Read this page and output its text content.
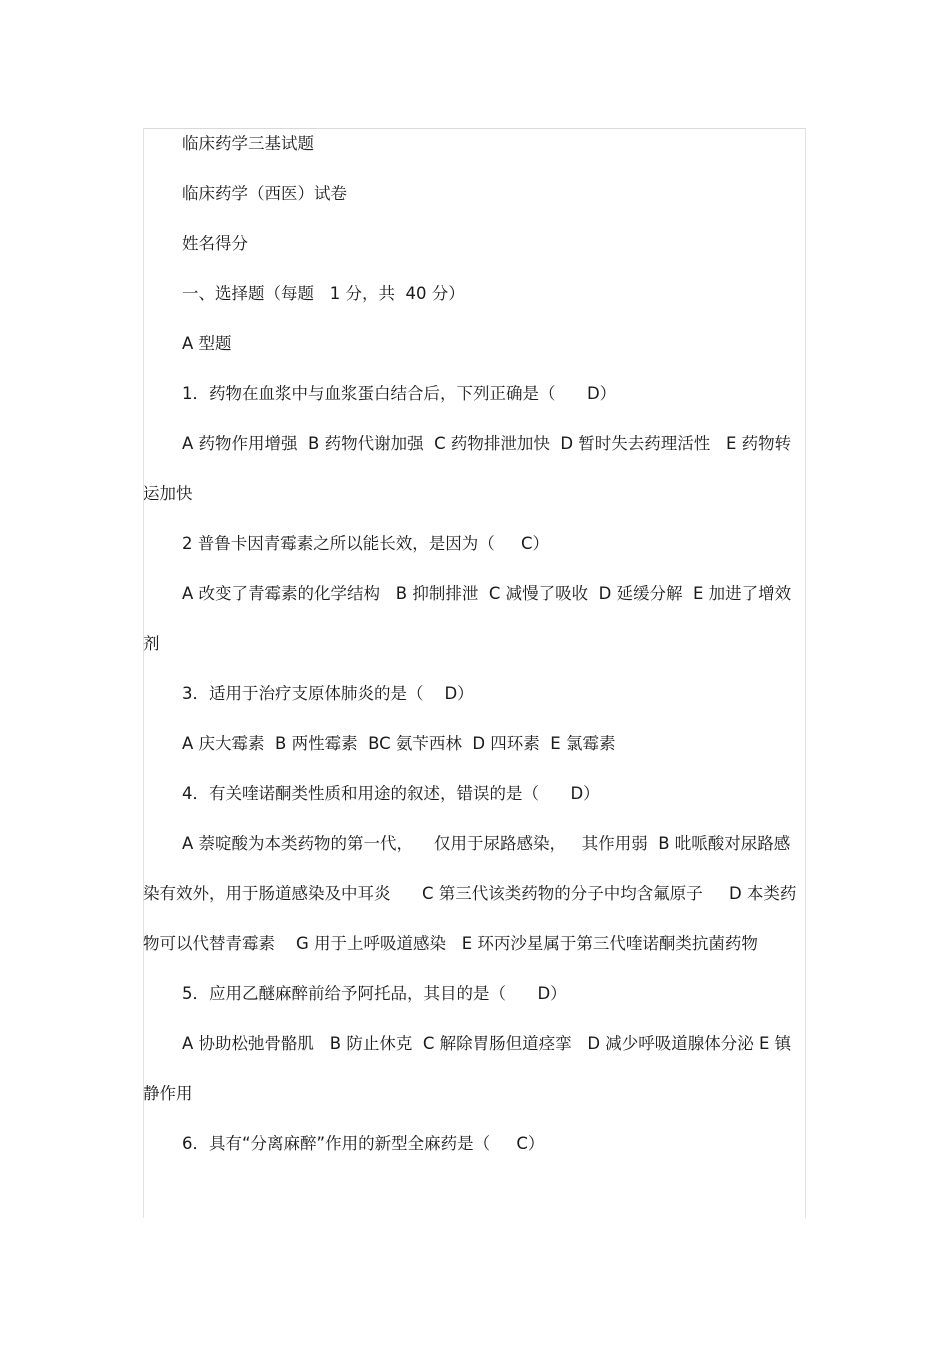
临床药学三基试题

临床药学（西医）试卷

姓名得分

一、选择题（每题   1 分，共  40 分）

A 型题

1．药物在血浆中与血浆蛋白结合后，下列正确是（      D）

A 药物作用增强  B 药物代谢加强  C 药物排泄加快  D 暂时失去药理活性   E 药物转运加快

2 普鲁卡因青霉素之所以能长效，是因为（     C）

A 改变了青霉素的化学结构   B 抑制排泄  C 减慢了吸收  D 延缓分解  E 加进了增效剂

3．适用于治疗支原体肺炎的是（    D）

A 庆大霉素  B 两性霉素  BC 氨苄西林  D 四环素  E 氯霉素

4．有关喹诺酮类性质和用途的叙述，错误的是（      D）

A 萘啶酸为本类药物的第一代，    仅用于尿路感染，   其作用弱  B 吡哌酸对尿路感染有效外，用于肠道感染及中耳炎      C 第三代该类药物的分子中均含氟原子     D 本类药物可以代替青霉素    G 用于上呼吸道感染   E 环丙沙星属于第三代喹诺酮类抗菌药物

5．应用乙醚麻醉前给予阿托品，其目的是（      D）

A 协助松弛骨骼肌   B 防止休克  C 解除胃肠但道痉挛   D 减少呼吸道腺体分泌 E 镇静作用

6．具有“分离麻醉”作用的新型全麻药是（     C）
